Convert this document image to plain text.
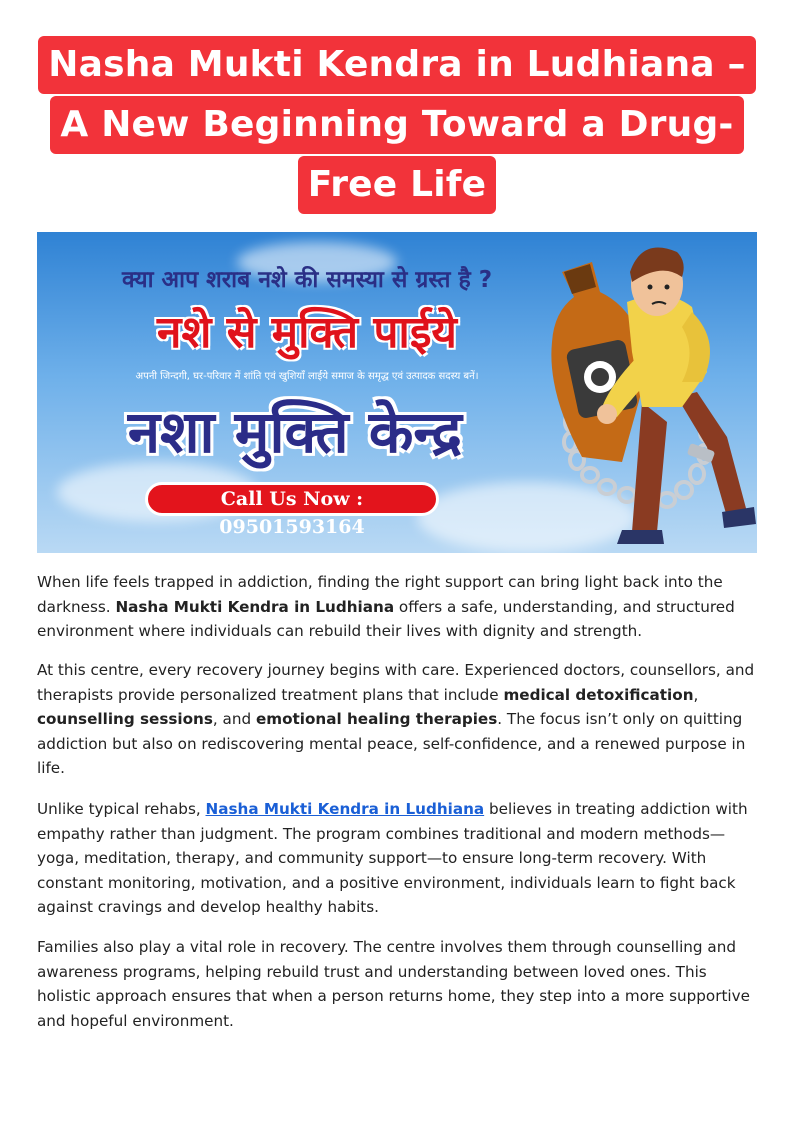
Nasha Mukti Kendra in Ludhiana –
A New Beginning Toward a Drug-
Free Life
क्या आप शराब नशे की समस्या से ग्रस्त है ?
नशे से मुक्ति पाईये
अपनी जिन्दगी, घर-परिवार में शांति एवं खुशियाँ लाईये समाज के समृद्ध एवं उत्पादक सदस्य बनें।
नशा मुक्ति केन्द्र
Call Us Now : 09501593164

When life feels trapped in addiction, finding the right support can bring light back into the darkness. Nasha Mukti Kendra in Ludhiana offers a safe, understanding, and structured environment where individuals can rebuild their lives with dignity and strength.

At this centre, every recovery journey begins with care. Experienced doctors, counsellors, and therapists provide personalized treatment plans that include medical detoxification, counselling sessions, and emotional healing therapies. The focus isn’t only on quitting addiction but also on rediscovering mental peace, self-confidence, and a renewed purpose in life.

Unlike typical rehabs, Nasha Mukti Kendra in Ludhiana believes in treating addiction with empathy rather than judgment. The program combines traditional and modern methods—yoga, meditation, therapy, and community support—to ensure long-term recovery. With constant monitoring, motivation, and a positive environment, individuals learn to fight back against cravings and develop healthy habits.

Families also play a vital role in recovery. The centre involves them through counselling and awareness programs, helping rebuild trust and understanding between loved ones. This holistic approach ensures that when a person returns home, they step into a more supportive and hopeful environment.
